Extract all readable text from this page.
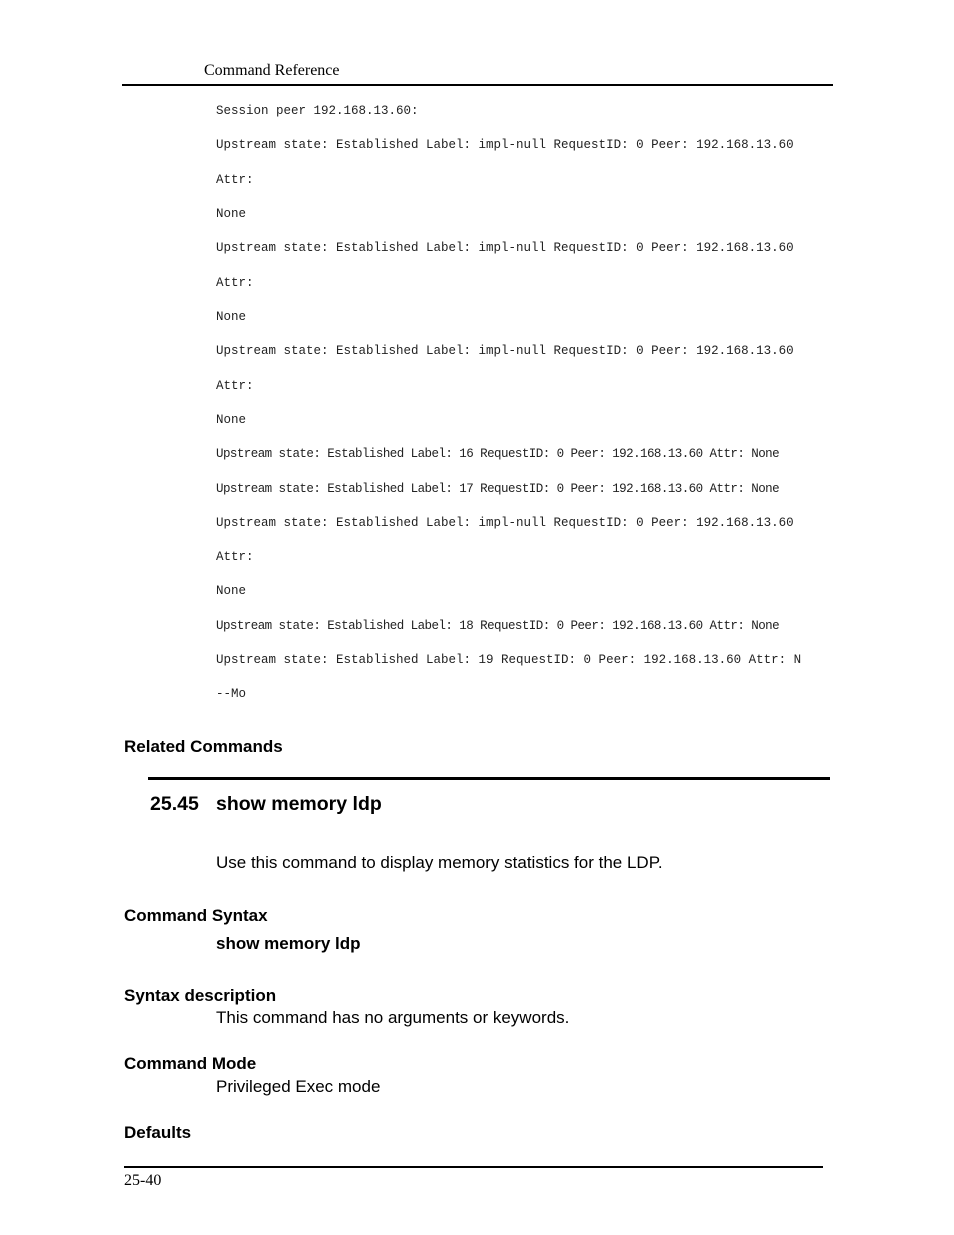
Command Reference
Session peer 192.168.13.60:
Upstream state: Established Label: impl-null RequestID: 0 Peer: 192.168.13.60
Attr:
None
Upstream state: Established Label: impl-null RequestID: 0 Peer: 192.168.13.60
Attr:
None
Upstream state: Established Label: impl-null RequestID: 0 Peer: 192.168.13.60
Attr:
None
Upstream state: Established Label: 16 RequestID: 0 Peer: 192.168.13.60 Attr: None
Upstream state: Established Label: 17 RequestID: 0 Peer: 192.168.13.60 Attr: None
Upstream state: Established Label: impl-null RequestID: 0 Peer: 192.168.13.60
Attr:
None
Upstream state: Established Label: 18 RequestID: 0 Peer: 192.168.13.60 Attr: None
Upstream state: Established Label: 19 RequestID: 0 Peer: 192.168.13.60 Attr: N
--Mo
Related Commands
25.45 show memory ldp
Use this command to display memory statistics for the LDP.
Command Syntax
show memory ldp
Syntax description
This command has no arguments or keywords.
Command Mode
Privileged Exec mode
Defaults
25-40
